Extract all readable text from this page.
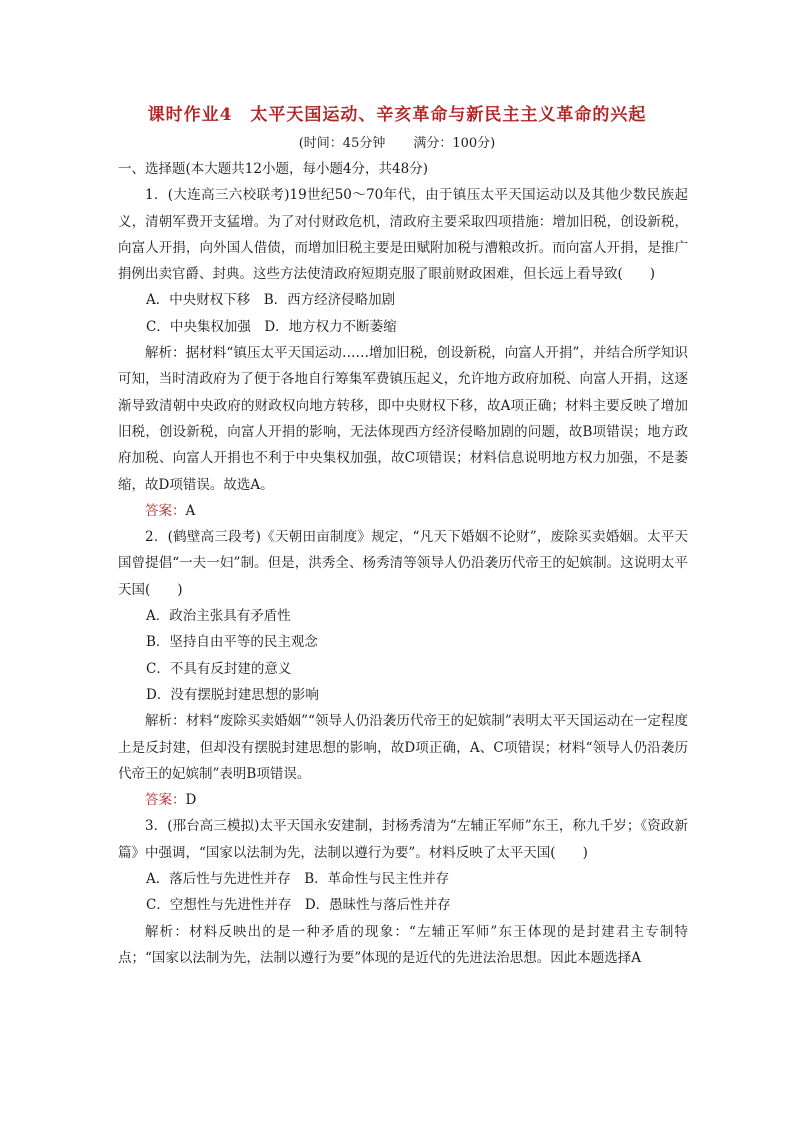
课时作业4　太平天国运动、辛亥革命与新民主主义革命的兴起
(时间：45分钟 满分：100分)

一、选择题(本大题共12小题，每小题4分，共48分)

1．(大连高三六校联考)19世纪50～70年代，由于镇压太平天国运动以及其他少数民族起义，清朝军费开支猛增。为了对付财政危机，清政府主要采取四项措施：增加旧税，创设新税，向富人开捐，向外国人借债，而增加旧税主要是田赋附加税与漕粮改折。而向富人开捐，是推广捐例出卖官爵、封典。这些方法使清政府短期克服了眼前财政困难，但长远上看导致(　　)

A．中央财权下移　B．西方经济侵略加剧

C．中央集权加强　D．地方权力不断萎缩

解析：据材料“镇压太平天国运动……增加旧税，创设新税，向富人开捐”，并结合所学知识可知，当时清政府为了便于各地自行筹集军费镇压起义，允许地方政府加税、向富人开捐，这逐渐导致清朝中央政府的财政权向地方转移，即中央财权下移，故A项正确；材料主要反映了增加旧税，创设新税，向富人开捐的影响，无法体现西方经济侵略加剧的问题，故B项错误；地方政府加税、向富人开捐也不利于中央集权加强，故C项错误；材料信息说明地方权力加强，不是萎缩，故D项错误。故选A。

答案：A

2．(鹤壁高三段考)《天朝田亩制度》规定，“凡天下婚姻不论财”，废除买卖婚姻。太平天国曾提倡“一夫一妇”制。但是，洪秀全、杨秀清等领导人仍沿袭历代帝王的妃嫔制。这说明太平天国(　　)

A．政治主张具有矛盾性

B．坚持自由平等的民主观念

C．不具有反封建的意义

D．没有摆脱封建思想的影响

解析：材料“废除买卖婚姻”“领导人仍沿袭历代帝王的妃嫔制”表明太平天国运动在一定程度上是反封建，但却没有摆脱封建思想的影响，故D项正确，A、C项错误；材料“领导人仍沿袭历代帝王的妃嫔制”表明B项错误。

答案：D

3．(邢台高三模拟)太平天国永安建制，封杨秀清为“左辅正军师”东王，称九千岁；《资政新篇》中强调，“国家以法制为先，法制以遵行为要”。材料反映了太平天国(　　)

A．落后性与先进性并存　B．革命性与民主性并存

C．空想性与先进性并存　D．愚昧性与落后性并存

解析：材料反映出的是一种矛盾的现象：“左辅正军师”东王体现的是封建君主专制特点；“国家以法制为先，法制以遵行为要”体现的是近代的先进法治思想。因此本题选择A
